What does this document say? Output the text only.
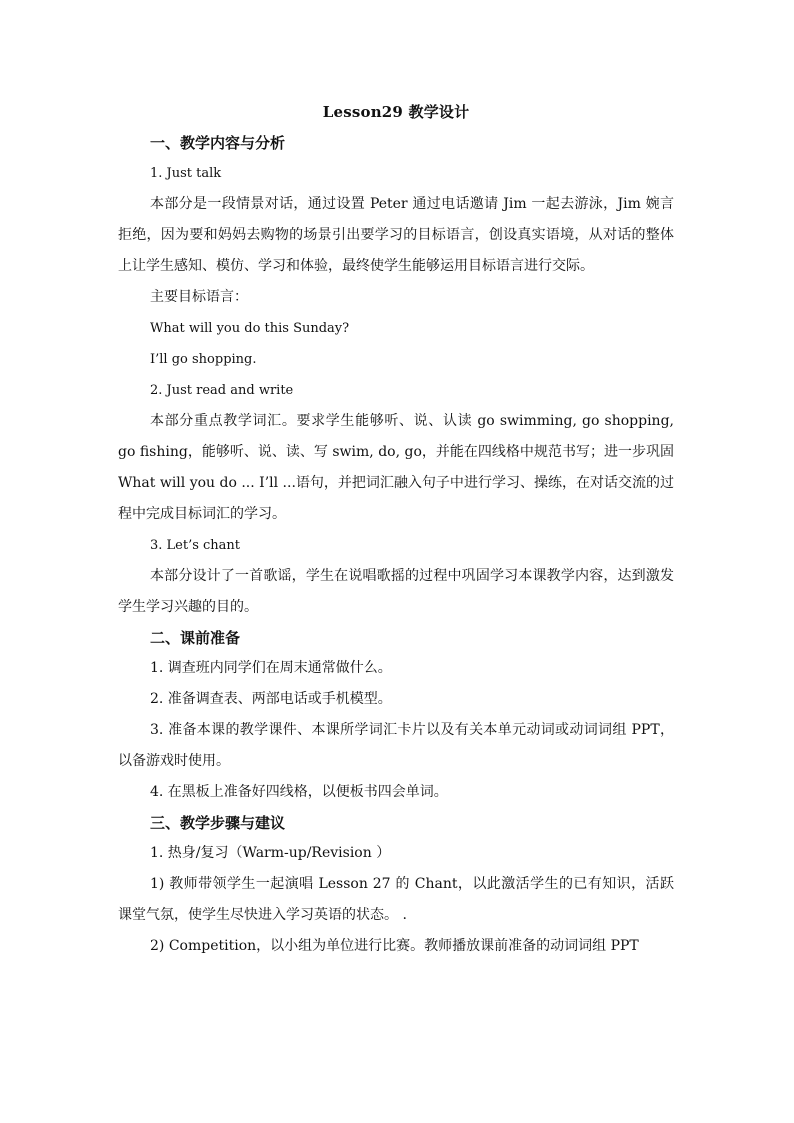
Lesson29 教学设计

一、教学内容与分析

1. Just talk

本部分是一段情景对话，通过设置 Peter 通过电话邀请 Jim 一起去游泳，Jim 婉言拒绝，因为要和妈妈去购物的场景引出要学习的目标语言，创设真实语境，从对话的整体上让学生感知、模仿、学习和体验，最终使学生能够运用目标语言进行交际。

主要目标语言：

What will you do this Sunday?

I’ll go shopping.

2. Just read and write

本部分重点教学词汇。要求学生能够听、说、认读 go swimming, go shopping, go fishing，能够听、说、读、写 swim, do, go，并能在四线格中规范书写；进一步巩固 What will you do ... I’ll ...语句，并把词汇融入句子中进行学习、操练，在对话交流的过程中完成目标词汇的学习。

3. Let’s chant

本部分设计了一首歌谣，学生在说唱歌摇的过程中巩固学习本课教学内容，达到激发学生学习兴趣的目的。

二、课前准备

1. 调查班内同学们在周末通常做什么。

2. 准备调查表、两部电话或手机模型。

3. 准备本课的教学课件、本课所学词汇卡片以及有关本单元动词或动词词组 PPT，以备游戏时使用。

4. 在黑板上准备好四线格，以便板书四会单词。

三、教学步骤与建议

1. 热身/复习（Warm-up/Revision ）

1) 教师带领学生一起演唱 Lesson 27 的 Chant，以此激活学生的已有知识，活跃课堂气氛，使学生尽快进入学习英语的状态。 .

2) Competition，以小组为单位进行比赛。教师播放课前准备的动词词组 PPT
